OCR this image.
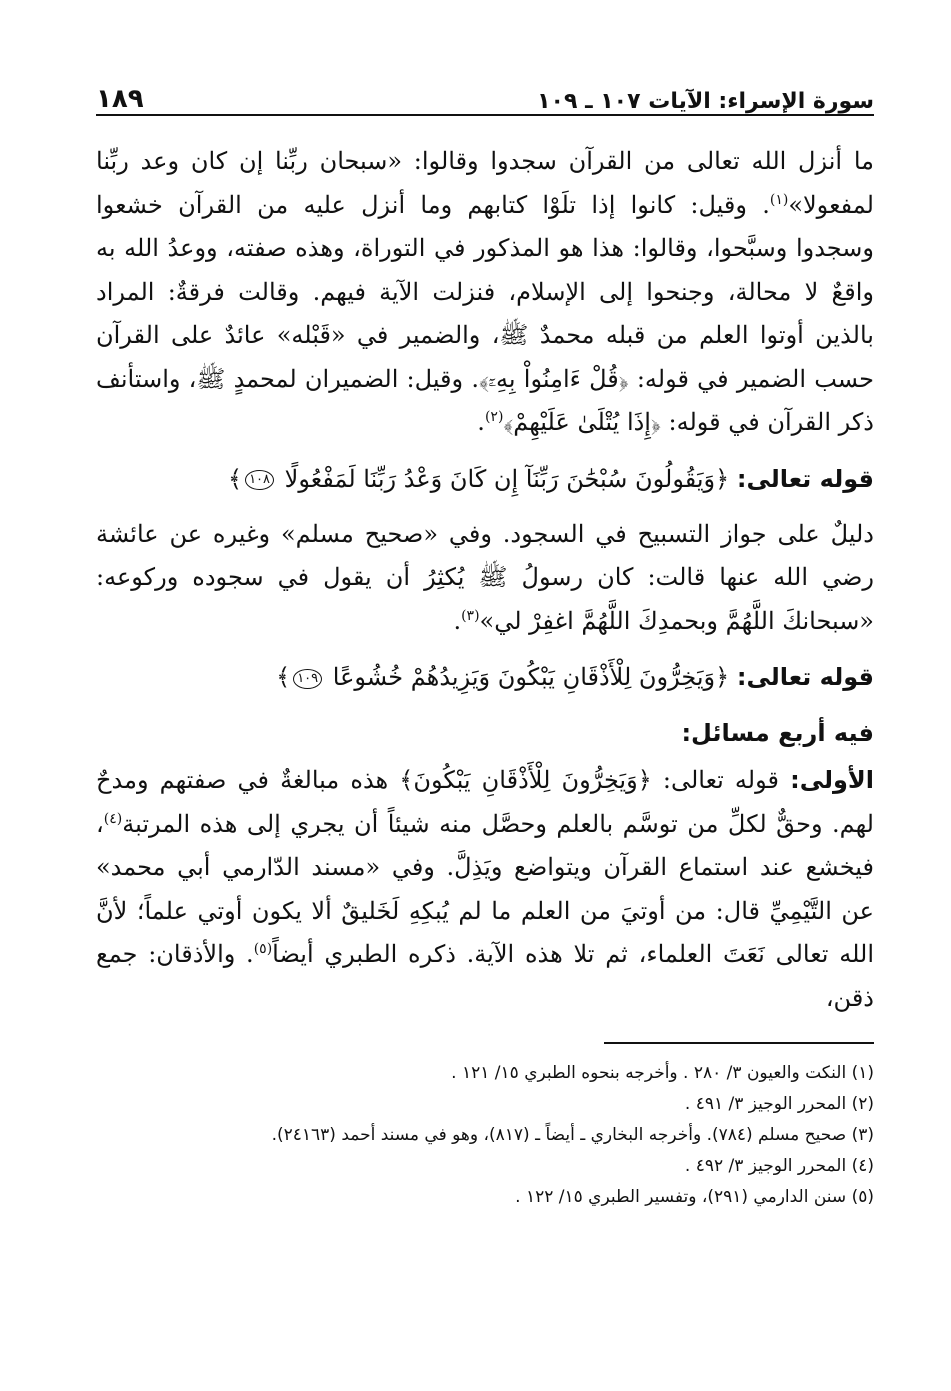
سورة الإسراء: الآيات ١٠٧ ـ ١٠٩
١٨٩

ما أنزل الله تعالى من القرآن سجدوا وقالوا: «سبحان ربِّنا إن كان وعد ربِّنا لمفعولا»$^{(١)}$. وقيل: كانوا إذا تلَوْا كتابهم وما أنزل عليه من القرآن خشعوا وسجدوا وسبَّحوا، وقالوا: هذا هو المذكور في التوراة، وهذه صفته، ووعدُ الله به واقعٌ لا محالة، وجنحوا إلى الإسلام، فنزلت الآية فيهم. وقالت فرقةٌ: المراد بالذين أوتوا العلم من قبله محمدٌ ﷺ، والضمير في «قَبْله» عائدٌ على القرآن حسب الضمير في قوله: ﴿قُلْ ءَامِنُواْ بِهِۦٓ﴾. وقيل: الضميران لمحمدٍ ﷺ، واستأنف ذكر القرآن في قوله: ﴿إِذَا يُتْلَىٰ عَلَيْهِمْ﴾$^{(٢)}$.

قوله تعالى: ﴿وَيَقُولُونَ سُبْحَٰنَ رَبِّنَآ إِن كَانَ وَعْدُ رَبِّنَا لَمَفْعُولًا ١٠٨﴾

دليلٌ على جواز التسبيح في السجود. وفي «صحيح مسلم» وغيره عن عائشة رضي الله عنها قالت: كان رسولُ ﷺ يُكثِرُ أن يقول في سجوده وركوعه: «سبحانكَ اللَّهُمَّ وبحمدِكَ اللَّهُمَّ اغفِرْ لي»$^{(٣)}$.

قوله تعالى: ﴿وَيَخِرُّونَ لِلْأَذْقَانِ يَبْكُونَ وَيَزِيدُهُمْ خُشُوعًا ١٠٩﴾
فيه أربع مسائل:

الأولى: قوله تعالى: ﴿وَيَخِرُّونَ لِلْأَذْقَانِ يَبْكُونَ﴾ هذه مبالغةٌ في صفتهم ومدحٌ لهم. وحقٌّ لكلِّ من توسَّم بالعلم وحصَّل منه شيئاً أن يجري إلى هذه المرتبة$^{(٤)}$، فيخشع عند استماع القرآن ويتواضع ويَذِلَّ. وفي «مسند الدّارمي أبي محمد» عن التَّيْمِيِّ قال: من أوتيَ من العلم ما لم يُبكِهِ لَخَليقٌ ألا يكون أوتي علماً؛ لأنَّ الله تعالى نَعَتَ العلماء، ثم تلا هذه الآية. ذكره الطبري أيضاً$^{(٥)}$. والأذقان: جمع ذقن،

(١) النكت والعيون ٣/ ٢٨٠ . وأخرجه بنحوه الطبري ١٥/ ١٢١ .

(٢) المحرر الوجيز ٣/ ٤٩١ .

(٣) صحيح مسلم (٧٨٤). وأخرجه البخاري ـ أيضاً ـ (٨١٧)، وهو في مسند أحمد (٢٤١٦٣).

(٤) المحرر الوجيز ٣/ ٤٩٢ .

(٥) سنن الدارمي (٢٩١)، وتفسير الطبري ١٥/ ١٢٢ .
